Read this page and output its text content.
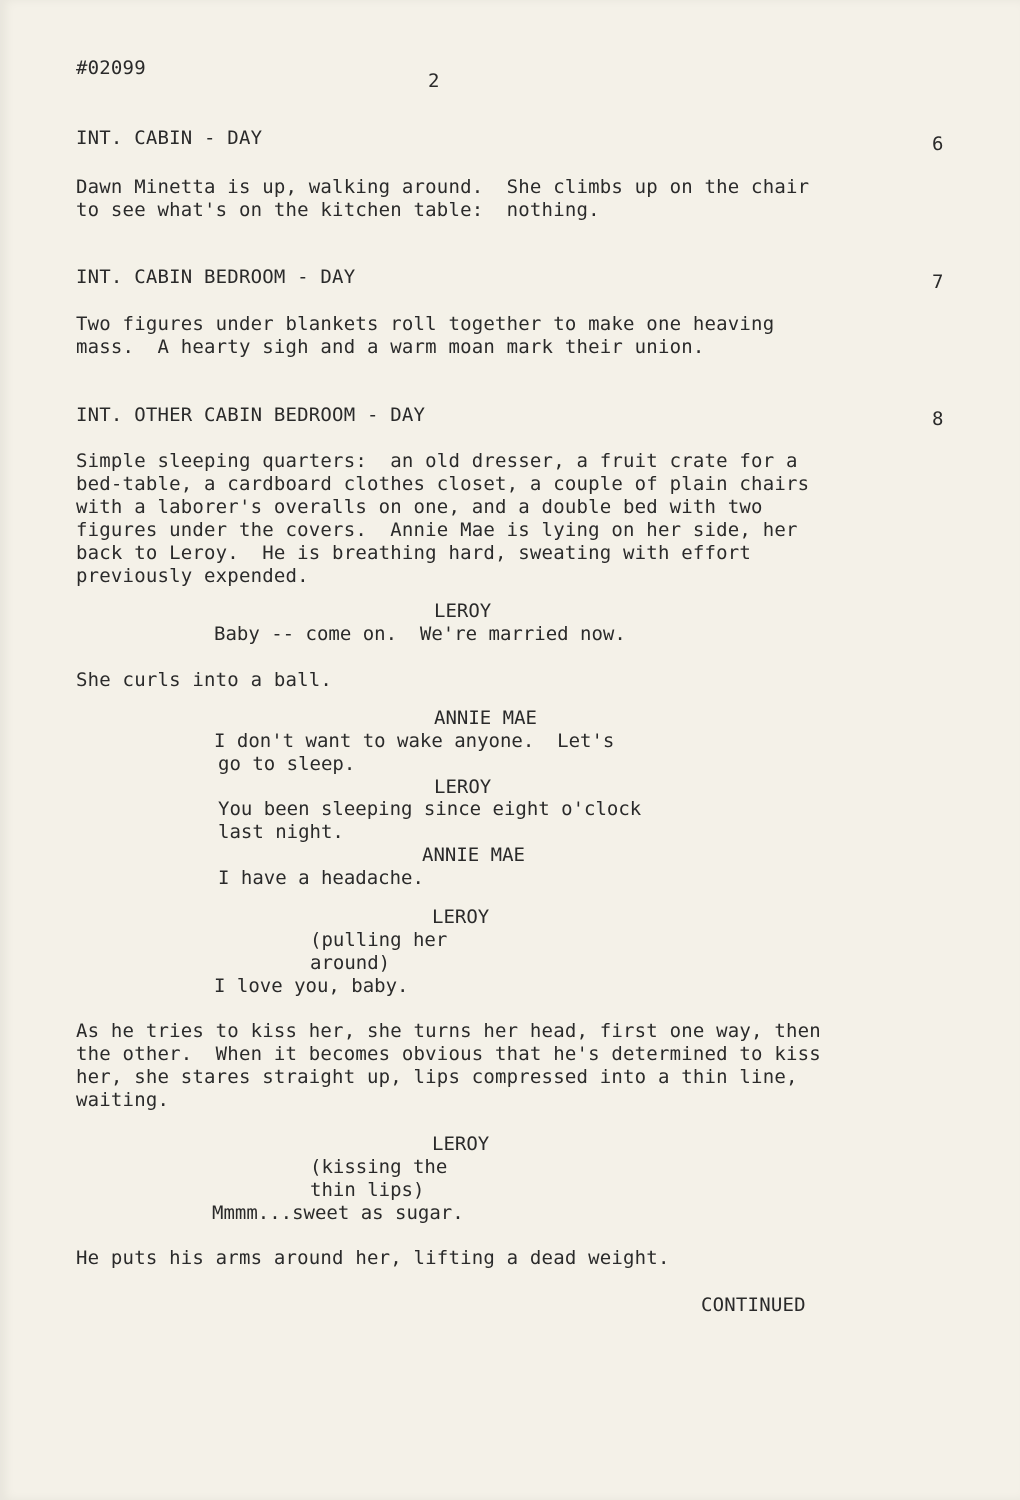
#02099
2
INT. CABIN - DAY	6
Dawn Minetta is up, walking around.  She climbs up on the chair
to see what's on the kitchen table:  nothing.
INT. CABIN BEDROOM - DAY	7
Two figures under blankets roll together to make one heaving
mass.  A hearty sigh and a warm moan mark their union.
INT. OTHER CABIN BEDROOM - DAY	8
Simple sleeping quarters:  an old dresser, a fruit crate for a
bed-table, a cardboard clothes closet, a couple of plain chairs
with a laborer's overalls on one, and a double bed with two
figures under the covers.  Annie Mae is lying on her side, her
back to Leroy.  He is breathing hard, sweating with effort
previously expended.
LEROY
Baby -- come on.  We're married now.
She curls into a ball.
ANNIE MAE
I don't want to wake anyone.  Let's
go to sleep.
LEROY
You been sleeping since eight o'clock
last night.
ANNIE MAE
I have a headache.
LEROY
(pulling her
around)
I love you, baby.
As he tries to kiss her, she turns her head, first one way, then
the other.  When it becomes obvious that he's determined to kiss
her, she stares straight up, lips compressed into a thin line,
waiting.
LEROY
(kissing the
thin lips)
Mmmm...sweet as sugar.
He puts his arms around her, lifting a dead weight.
CONTINUED
